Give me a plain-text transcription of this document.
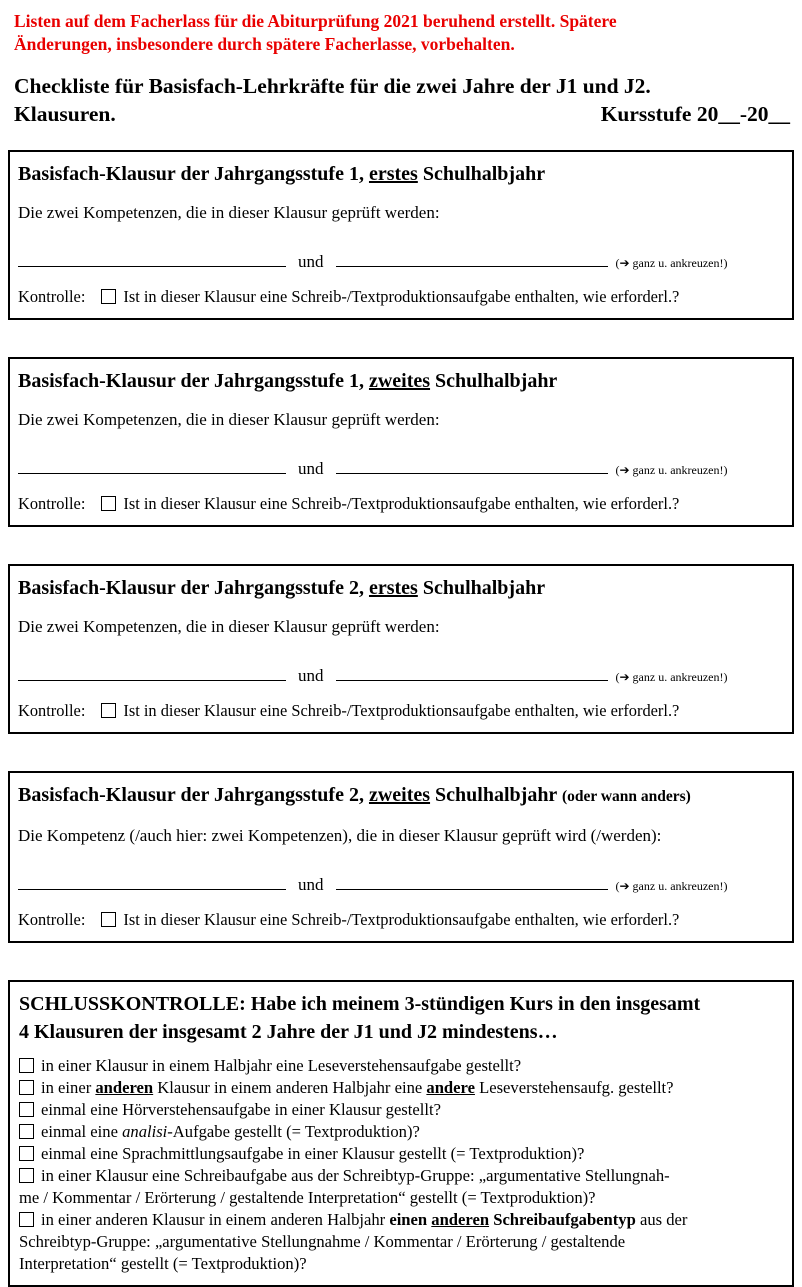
Listen auf dem Facherlass für die Abiturprüfung 2021 beruhend erstellt. Spätere
Änderungen, insbesondere durch spätere Facherlasse, vorbehalten.
Checkliste für Basisfach-Lehrkräfte für die zwei Jahre der J1 und J2.
Klausuren.	Kursstufe 20__-20__
Basisfach-Klausur der Jahrgangsstufe 1, erstes Schulhalbjahr

Die zwei Kompetenzen, die in dieser Klausur geprüft werden:

und	(➔ ganz u. ankreuzen!)
Kontrolle: Ist in dieser Klausur eine Schreib-/Textproduktionsaufgabe enthalten, wie erforderl.?
Basisfach-Klausur der Jahrgangsstufe 1, zweites Schulhalbjahr

Die zwei Kompetenzen, die in dieser Klausur geprüft werden:

und	(➔ ganz u. ankreuzen!)
Kontrolle: Ist in dieser Klausur eine Schreib-/Textproduktionsaufgabe enthalten, wie erforderl.?
Basisfach-Klausur der Jahrgangsstufe 2, erstes Schulhalbjahr

Die zwei Kompetenzen, die in dieser Klausur geprüft werden:

und	(➔ ganz u. ankreuzen!)
Kontrolle: Ist in dieser Klausur eine Schreib-/Textproduktionsaufgabe enthalten, wie erforderl.?
Basisfach-Klausur der Jahrgangsstufe 2, zweites Schulhalbjahr (oder wann anders)

Die Kompetenz (/auch hier: zwei Kompetenzen), die in dieser Klausur geprüft wird (/werden):

und	(➔ ganz u. ankreuzen!)
Kontrolle: Ist in dieser Klausur eine Schreib-/Textproduktionsaufgabe enthalten, wie erforderl.?
SCHLUSSKONTROLLE: Habe ich meinem 3-stündigen Kurs in den insgesamt
4 Klausuren der insgesamt 2 Jahre der J1 und J2 mindestens…
in einer Klausur in einem Halbjahr eine Leseverstehensaufgabe gestellt?
in einer anderen Klausur in einem anderen Halbjahr eine andere Leseverstehensaufg. gestellt?
einmal eine Hörverstehensaufgabe in einer Klausur gestellt?
einmal eine analisi-Aufgabe gestellt (= Textproduktion)?
einmal eine Sprachmittlungsaufgabe in einer Klausur gestellt (= Textproduktion)?
in einer Klausur eine Schreibaufgabe aus der Schreibtyp-Gruppe: „argumentative Stellungnah-
me / Kommentar / Erörterung / gestaltende Interpretation“ gestellt (= Textproduktion)?
in einer anderen Klausur in einem anderen Halbjahr einen anderen Schreibaufgabentyp aus der
Schreibtyp-Gruppe: „argumentative Stellungnahme / Kommentar / Erörterung / gestaltende
Interpretation“ gestellt (= Textproduktion)?
